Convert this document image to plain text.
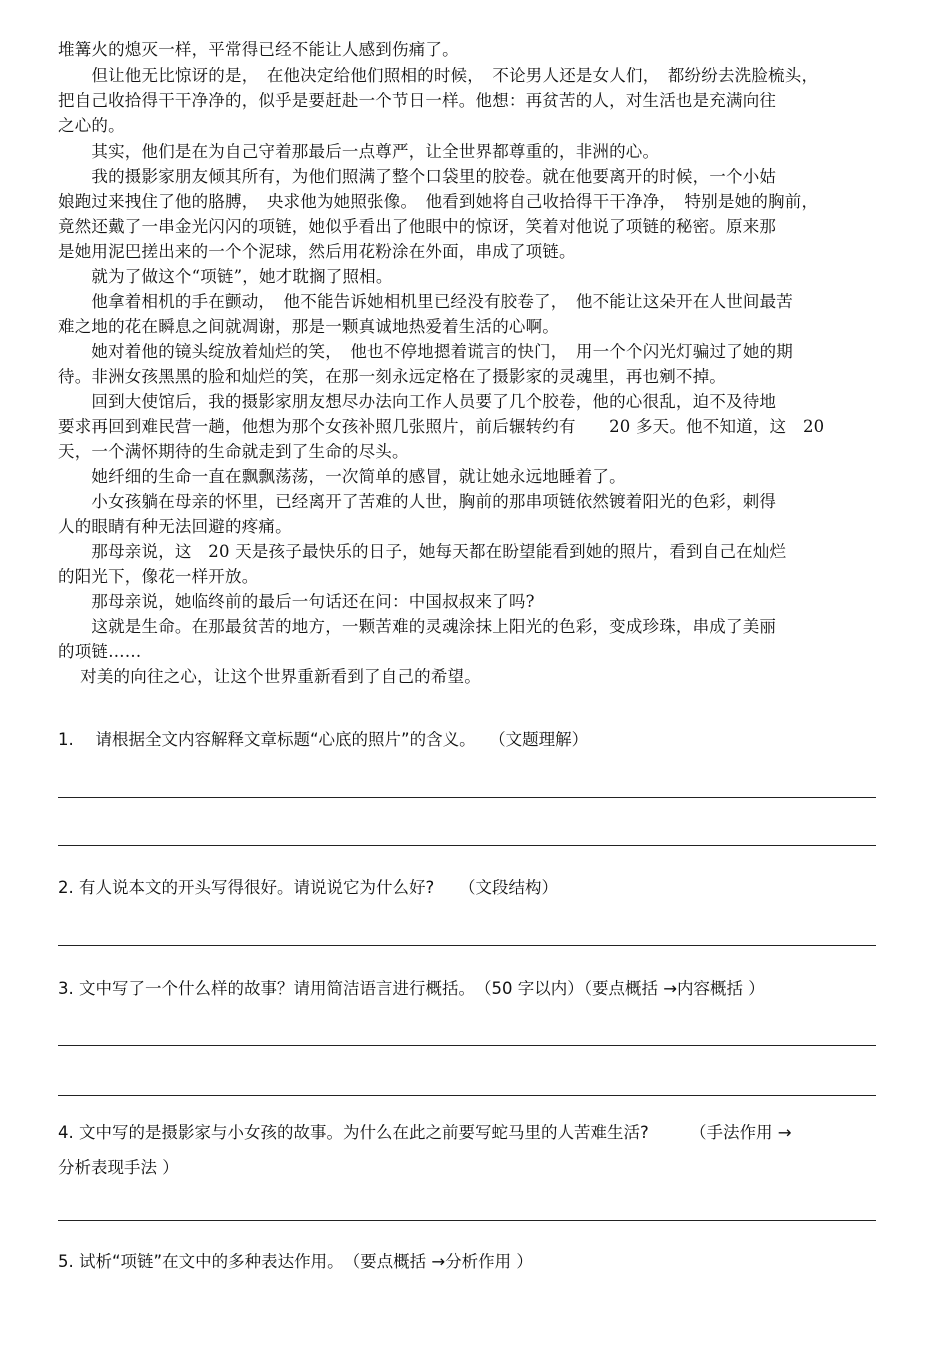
堆篝火的熄灭一样，平常得已经不能让人感到伤痛了。
　　但让他无比惊讶的是，　在他决定给他们照相的时候，　不论男人还是女人们，　都纷纷去洗脸梳头，
把自己收拾得干干净净的，似乎是要赶赴一个节日一样。他想：再贫苦的人，对生活也是充满向往
之心的。
　　其实，他们是在为自己守着那最后一点尊严，让全世界都尊重的，非洲的心。
　　我的摄影家朋友倾其所有，为他们照满了整个口袋里的胶卷。就在他要离开的时候，一个小姑
娘跑过来拽住了他的胳膊，　央求他为她照张像。　他看到她将自己收拾得干干净净，　特别是她的胸前，
竟然还戴了一串金光闪闪的项链，她似乎看出了他眼中的惊讶，笑着对他说了项链的秘密。原来那
是她用泥巴搓出来的一个个泥球，然后用花粉涂在外面，串成了项链。
　　就为了做这个“项链”，她才耽搁了照相。
　　他拿着相机的手在颤动，　他不能告诉她相机里已经没有胶卷了，　他不能让这朵开在人世间最苦
难之地的花在瞬息之间就凋谢，那是一颗真诚地热爱着生活的心啊。
　　她对着他的镜头绽放着灿烂的笑，　他也不停地摁着谎言的快门，　用一个个闪光灯骗过了她的期
待。非洲女孩黑黑的脸和灿烂的笑，在那一刻永远定格在了摄影家的灵魂里，再也剜不掉。
　　回到大使馆后，我的摄影家朋友想尽办法向工作人员要了几个胶卷，他的心很乱，迫不及待地
要求再回到难民营一趟，他想为那个女孩补照几张照片，前后辗转约有　　20 多天。他不知道，这　20
天，一个满怀期待的生命就走到了生命的尽头。
　　她纤细的生命一直在飘飘荡荡，一次简单的感冒，就让她永远地睡着了。
　　小女孩躺在母亲的怀里，已经离开了苦难的人世，胸前的那串项链依然镀着阳光的色彩，刺得
人的眼睛有种无法回避的疼痛。
　　那母亲说，这　20 天是孩子最快乐的日子，她每天都在盼望能看到她的照片，看到自己在灿烂
的阳光下，像花一样开放。
　　那母亲说，她临终前的最后一句话还在问：中国叔叔来了吗?
　　这就是生命。在那最贫苦的地方，一颗苦难的灵魂涂抹上阳光的色彩，变成珍珠，串成了美丽
的项链……
　 对美的向往之心，让这个世界重新看到了自己的希望。
1.　 请根据全文内容解释文章标题“心底的照片”的含义。　 （文题理解）
2. 有人说本文的开头写得很好。请说说它为什么好?　　（文段结构）
3. 文中写了一个什么样的故事？请用简洁语言进行概括。　（50 字以内）（要点概括 →内容概括 ）
4. 文中写的是摄影家与小女孩的故事。为什么在此之前要写蛇马里的人苦难生活?　　　（手法作用 →
分析表现手法 ）
5. 试析“项链”在文中的多种表达作用。　（要点概括 →分析作用 ）
